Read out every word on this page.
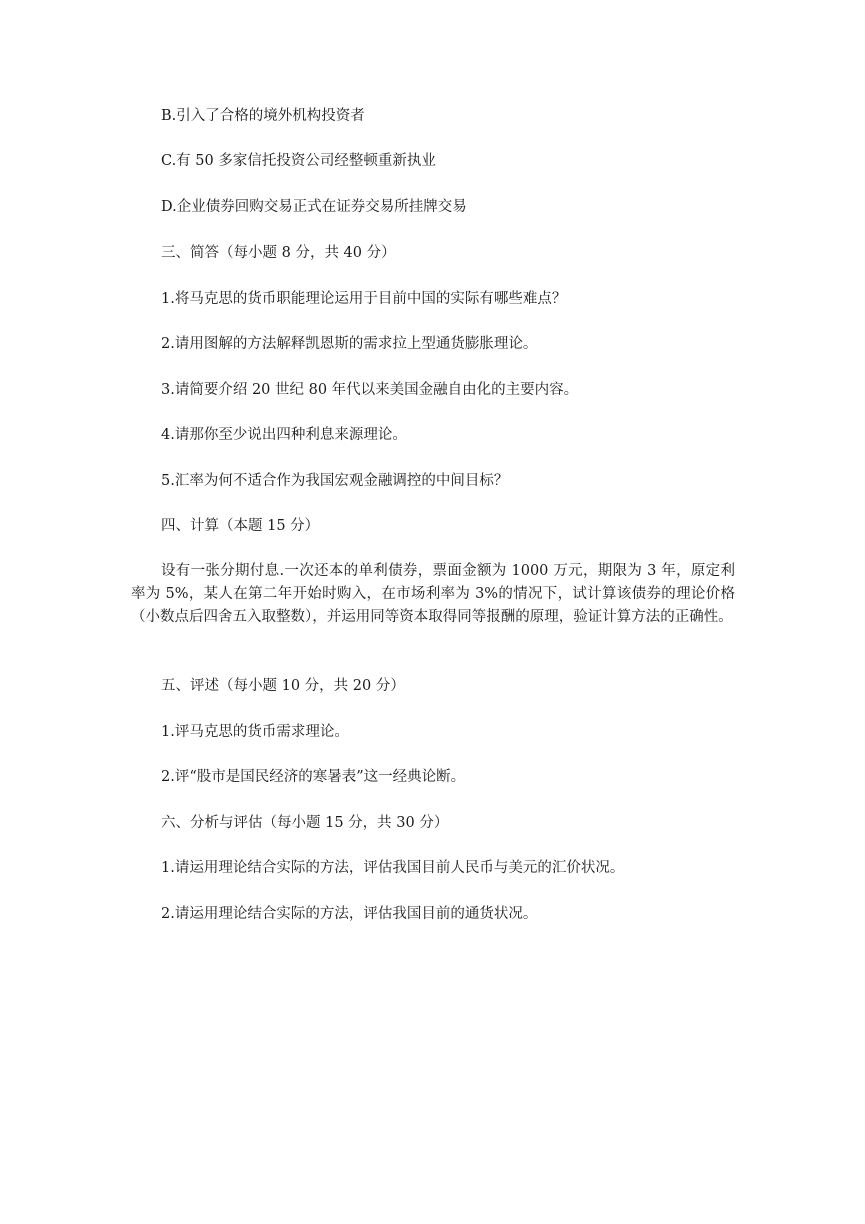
B.引入了合格的境外机构投资者
C.有 50 多家信托投资公司经整顿重新执业
D.企业债券回购交易正式在证券交易所挂牌交易
三、简答（每小题 8 分，共 40 分）
1.将马克思的货币职能理论运用于目前中国的实际有哪些难点？
2.请用图解的方法解释凯恩斯的需求拉上型通货膨胀理论。
3.请简要介绍 20 世纪 80 年代以来美国金融自由化的主要内容。
4.请那你至少说出四种利息来源理论。
5.汇率为何不适合作为我国宏观金融调控的中间目标？
四、计算（本题 15 分）
设有一张分期付息.一次还本的单利债券，票面金额为 1000 万元，期限为 3 年，原定利率为 5%，某人在第二年开始时购入，在市场利率为 3%的情况下，试计算该债券的理论价格（小数点后四舍五入取整数），并运用同等资本取得同等报酬的原理，验证计算方法的正确性。
五、评述（每小题 10 分，共 20 分）
1.评马克思的货币需求理论。
2.评“股市是国民经济的寒暑表”这一经典论断。
六、分析与评估（每小题 15 分，共 30 分）
1.请运用理论结合实际的方法，评估我国目前人民币与美元的汇价状况。
2.请运用理论结合实际的方法，评估我国目前的通货状况。
